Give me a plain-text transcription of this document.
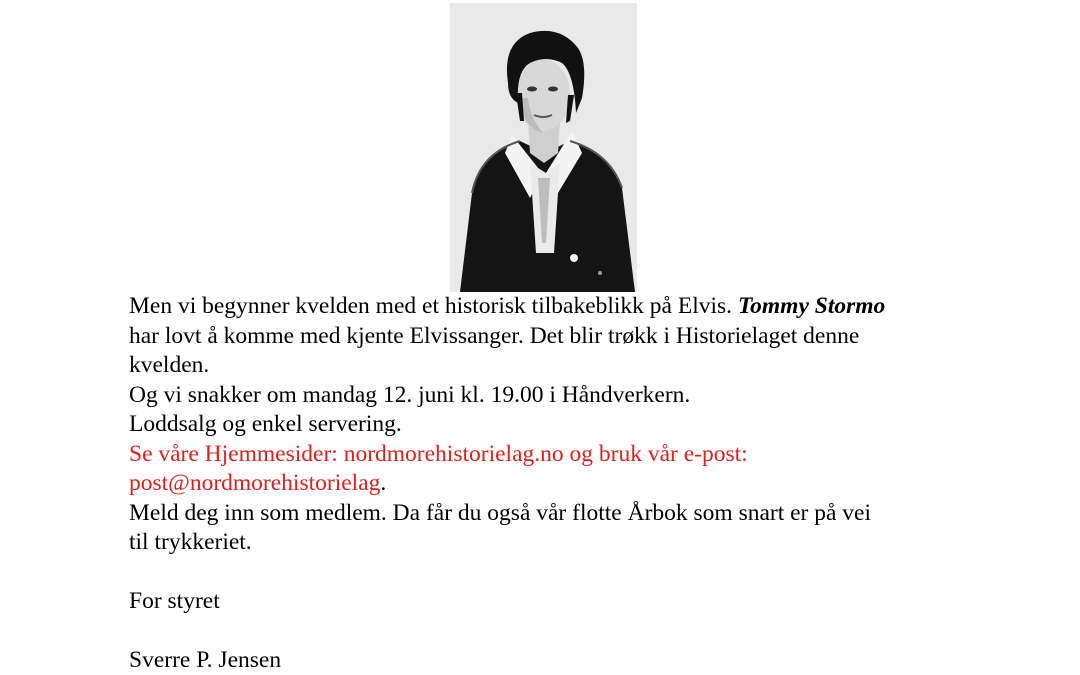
Men vi begynner kvelden med et historisk tilbakeblikk på Elvis. Tommy Stormo

har lovt å komme med kjente Elvissanger. Det blir trøkk i Historielaget denne

kvelden.

Og vi snakker om mandag 12. juni kl. 19.00 i Håndverkern.

Loddsalg og enkel servering.

Se våre Hjemmesider: nordmorehistorielag.no og bruk vår e-post:

post@nordmorehistorielag.

Meld deg inn som medlem. Da får du også vår flotte Årbok som snart er på vei

til trykkeriet.

For styret

Sverre P. Jensen
